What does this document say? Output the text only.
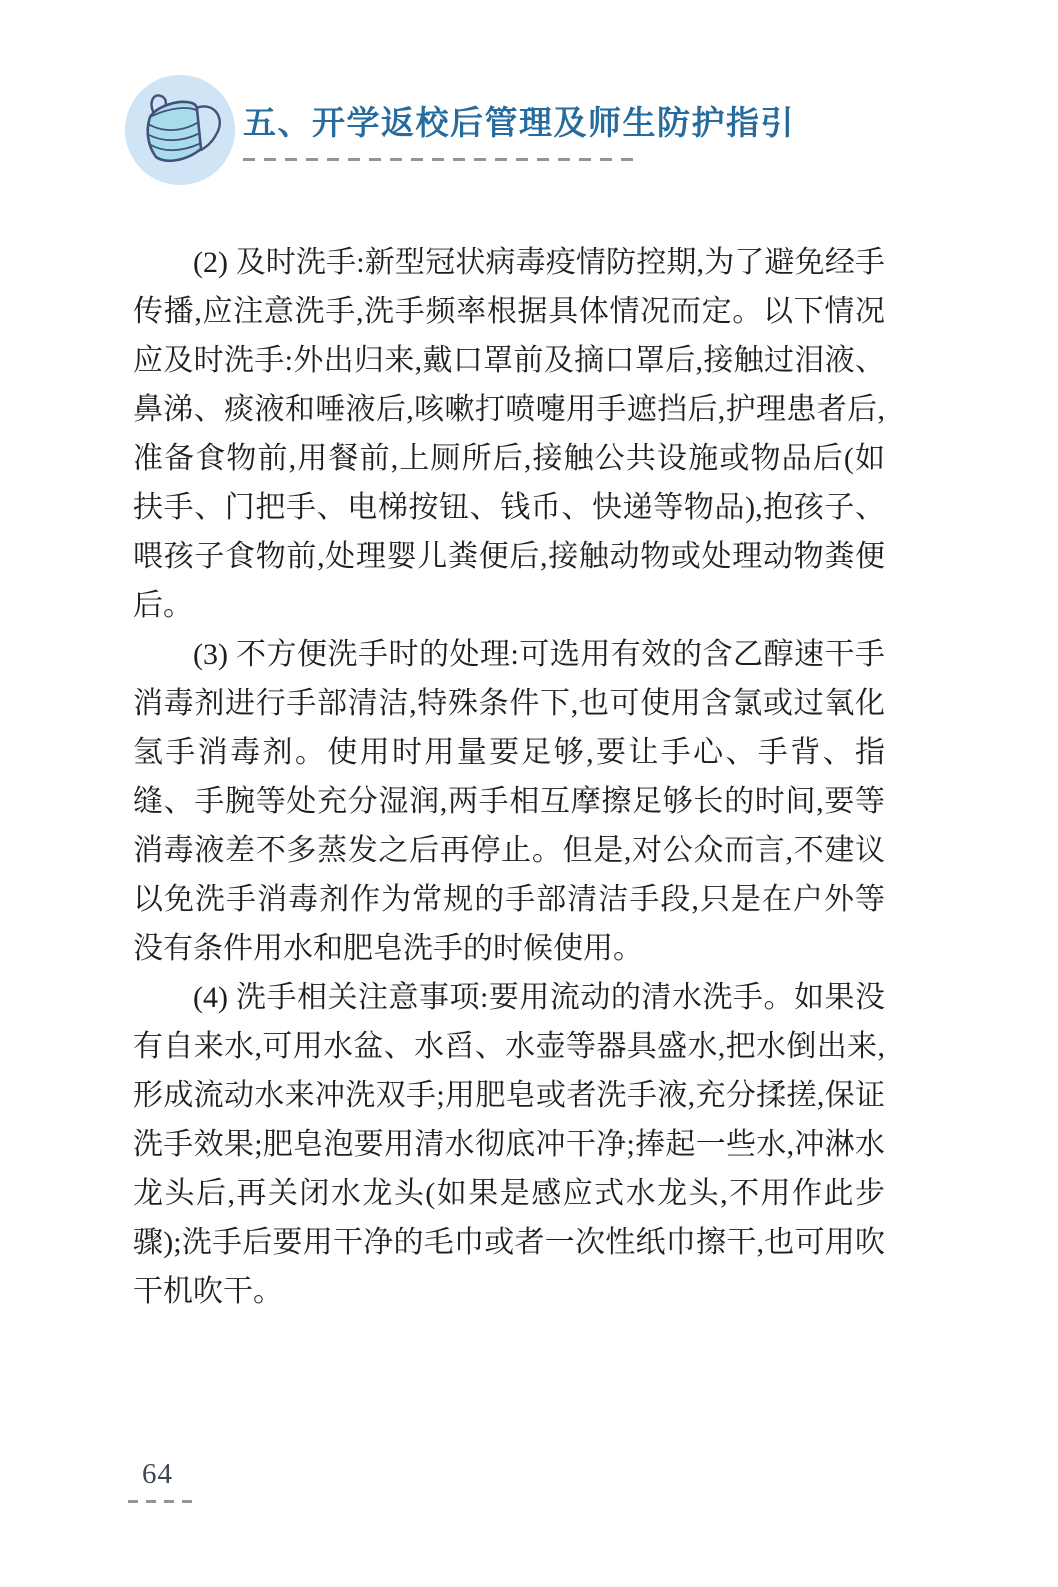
五、开学返校后管理及师生防护指引

(2) 及时洗手:新型冠状病毒疫情防控期,为了避免经手传播,应注意洗手,洗手频率根据具体情况而定。以下情况应及时洗手:外出归来,戴口罩前及摘口罩后,接触过泪液、鼻涕、痰液和唾液后,咳嗽打喷嚏用手遮挡后,护理患者后,准备食物前,用餐前,上厕所后,接触公共设施或物品后(如扶手、门把手、电梯按钮、钱币、快递等物品),抱孩子、喂孩子食物前,处理婴儿粪便后,接触动物或处理动物粪便后。

(3) 不方便洗手时的处理:可选用有效的含乙醇速干手消毒剂进行手部清洁,特殊条件下,也可使用含氯或过氧化氢手消毒剂。使用时用量要足够,要让手心、手背、指缝、手腕等处充分湿润,两手相互摩擦足够长的时间,要等消毒液差不多蒸发之后再停止。但是,对公众而言,不建议以免洗手消毒剂作为常规的手部清洁手段,只是在户外等没有条件用水和肥皂洗手的时候使用。

(4) 洗手相关注意事项:要用流动的清水洗手。如果没有自来水,可用水盆、水舀、水壶等器具盛水,把水倒出来,形成流动水来冲洗双手;用肥皂或者洗手液,充分揉搓,保证洗手效果;肥皂泡要用清水彻底冲干净;捧起一些水,冲淋水龙头后,再关闭水龙头(如果是感应式水龙头,不用作此步骤);洗手后要用干净的毛巾或者一次性纸巾擦干,也可用吹干机吹干。

64
